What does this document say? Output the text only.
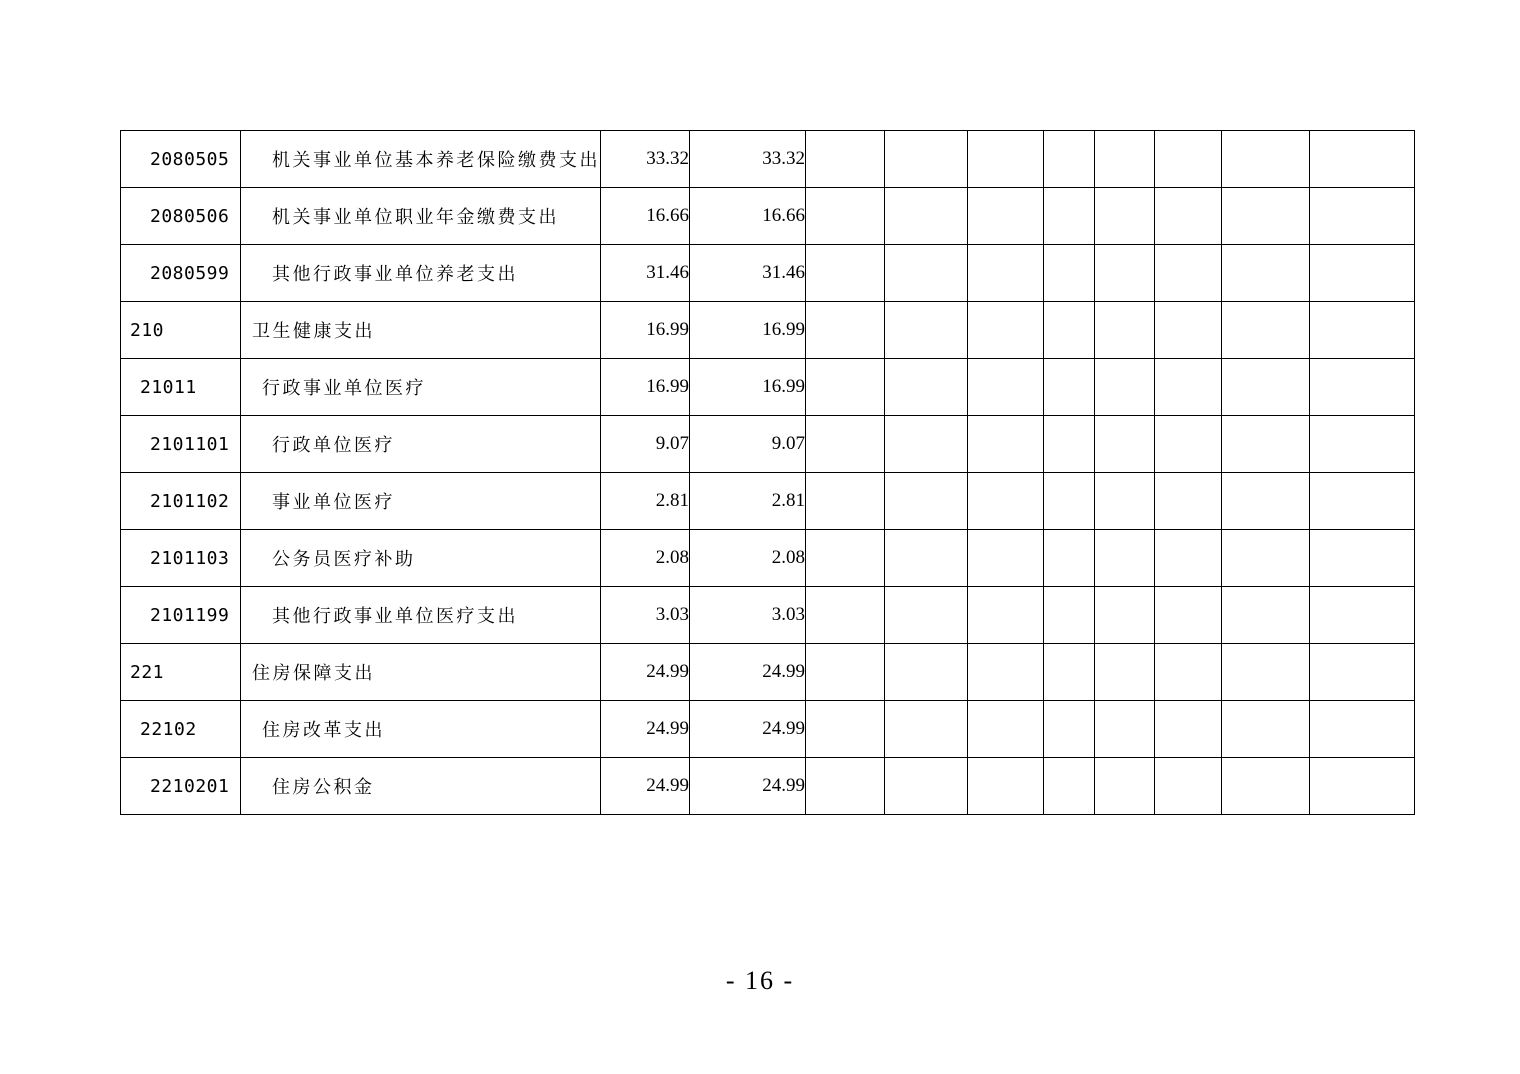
2080505	机关事业单位基本养老保险缴费支出	33.32	33.32								
2080506	机关事业单位职业年金缴费支出	16.66	16.66								
2080599	其他行政事业单位养老支出	31.46	31.46								
210	卫生健康支出	16.99	16.99								
21011	行政事业单位医疗	16.99	16.99								
2101101	行政单位医疗	9.07	9.07								
2101102	事业单位医疗	2.81	2.81								
2101103	公务员医疗补助	2.08	2.08								
2101199	其他行政事业单位医疗支出	3.03	3.03								
221	住房保障支出	24.99	24.99								
22102	住房改革支出	24.99	24.99								
2210201	住房公积金	24.99	24.99								
- 16 -
